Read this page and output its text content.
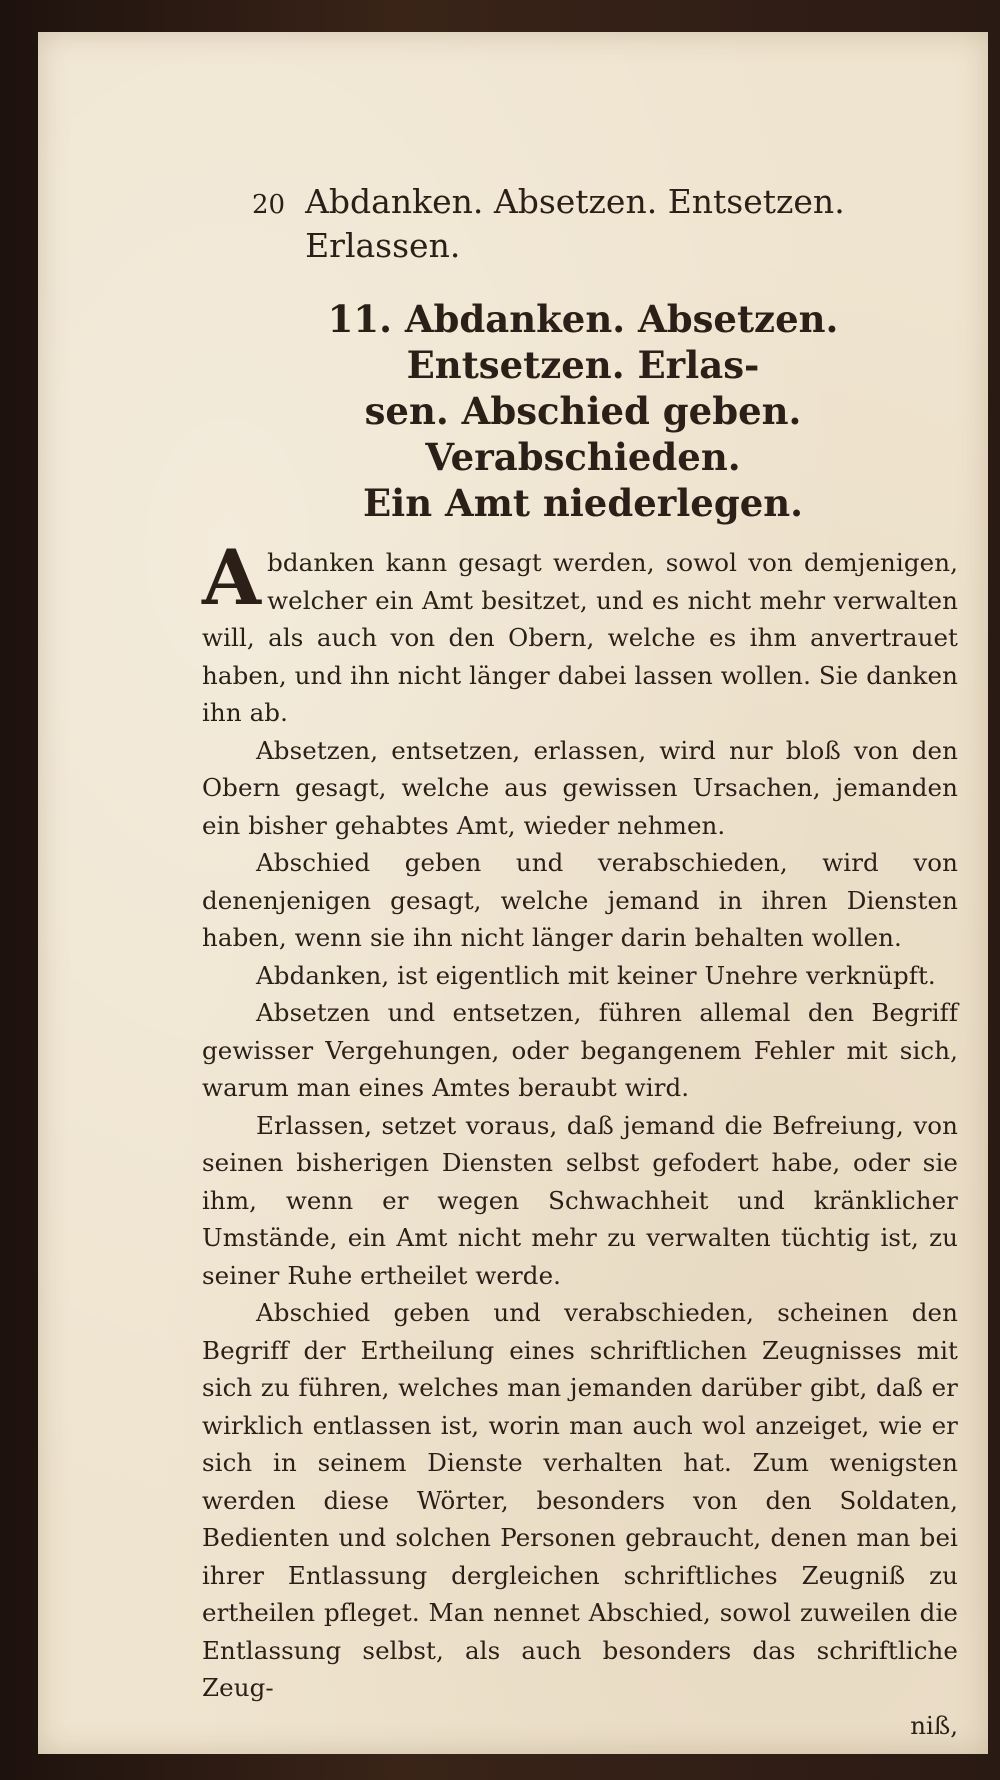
20 Abdanken. Absetzen. Entsetzen. Erlassen.
11. Abdanken. Absetzen. Entsetzen. Erlas-
sen. Abschied geben. Verabschieden.
Ein Amt niederlegen.

Abdanken kann gesagt werden, sowol von demjenigen, welcher ein Amt besitzet, und es nicht mehr verwalten will, als auch von den Obern, welche es ihm anvertrauet haben, und ihn nicht länger dabei lassen wollen. Sie danken ihn ab.

Absetzen, entsetzen, erlassen, wird nur bloß von den Obern gesagt, welche aus gewissen Ursachen, jemanden ein bisher gehabtes Amt, wieder nehmen.

Abschied geben und verabschieden, wird von denenjenigen gesagt, welche jemand in ihren Diensten haben, wenn sie ihn nicht länger darin behalten wollen.

Abdanken, ist eigentlich mit keiner Unehre verknüpft.

Absetzen und entsetzen, führen allemal den Begriff gewisser Vergehungen, oder begangenem Fehler mit sich, warum man eines Amtes beraubt wird.

Erlassen, setzet voraus, daß jemand die Befreiung, von seinen bisherigen Diensten selbst gefodert habe, oder sie ihm, wenn er wegen Schwachheit und kränklicher Umstände, ein Amt nicht mehr zu verwalten tüchtig ist, zu seiner Ruhe ertheilet werde.

Abschied geben und verabschieden, scheinen den Begriff der Ertheilung eines schriftlichen Zeugnisses mit sich zu führen, welches man jemanden darüber gibt, daß er wirklich entlassen ist, worin man auch wol anzeiget, wie er sich in seinem Dienste verhalten hat. Zum wenigsten werden diese Wörter, besonders von den Soldaten, Bedienten und solchen Personen gebraucht, denen man bei ihrer Entlassung dergleichen schriftliches Zeugniß zu ertheilen pfleget. Man nennet Abschied, sowol zuweilen die Entlassung selbst, als auch besonders das schriftliche Zeug-

niß,
